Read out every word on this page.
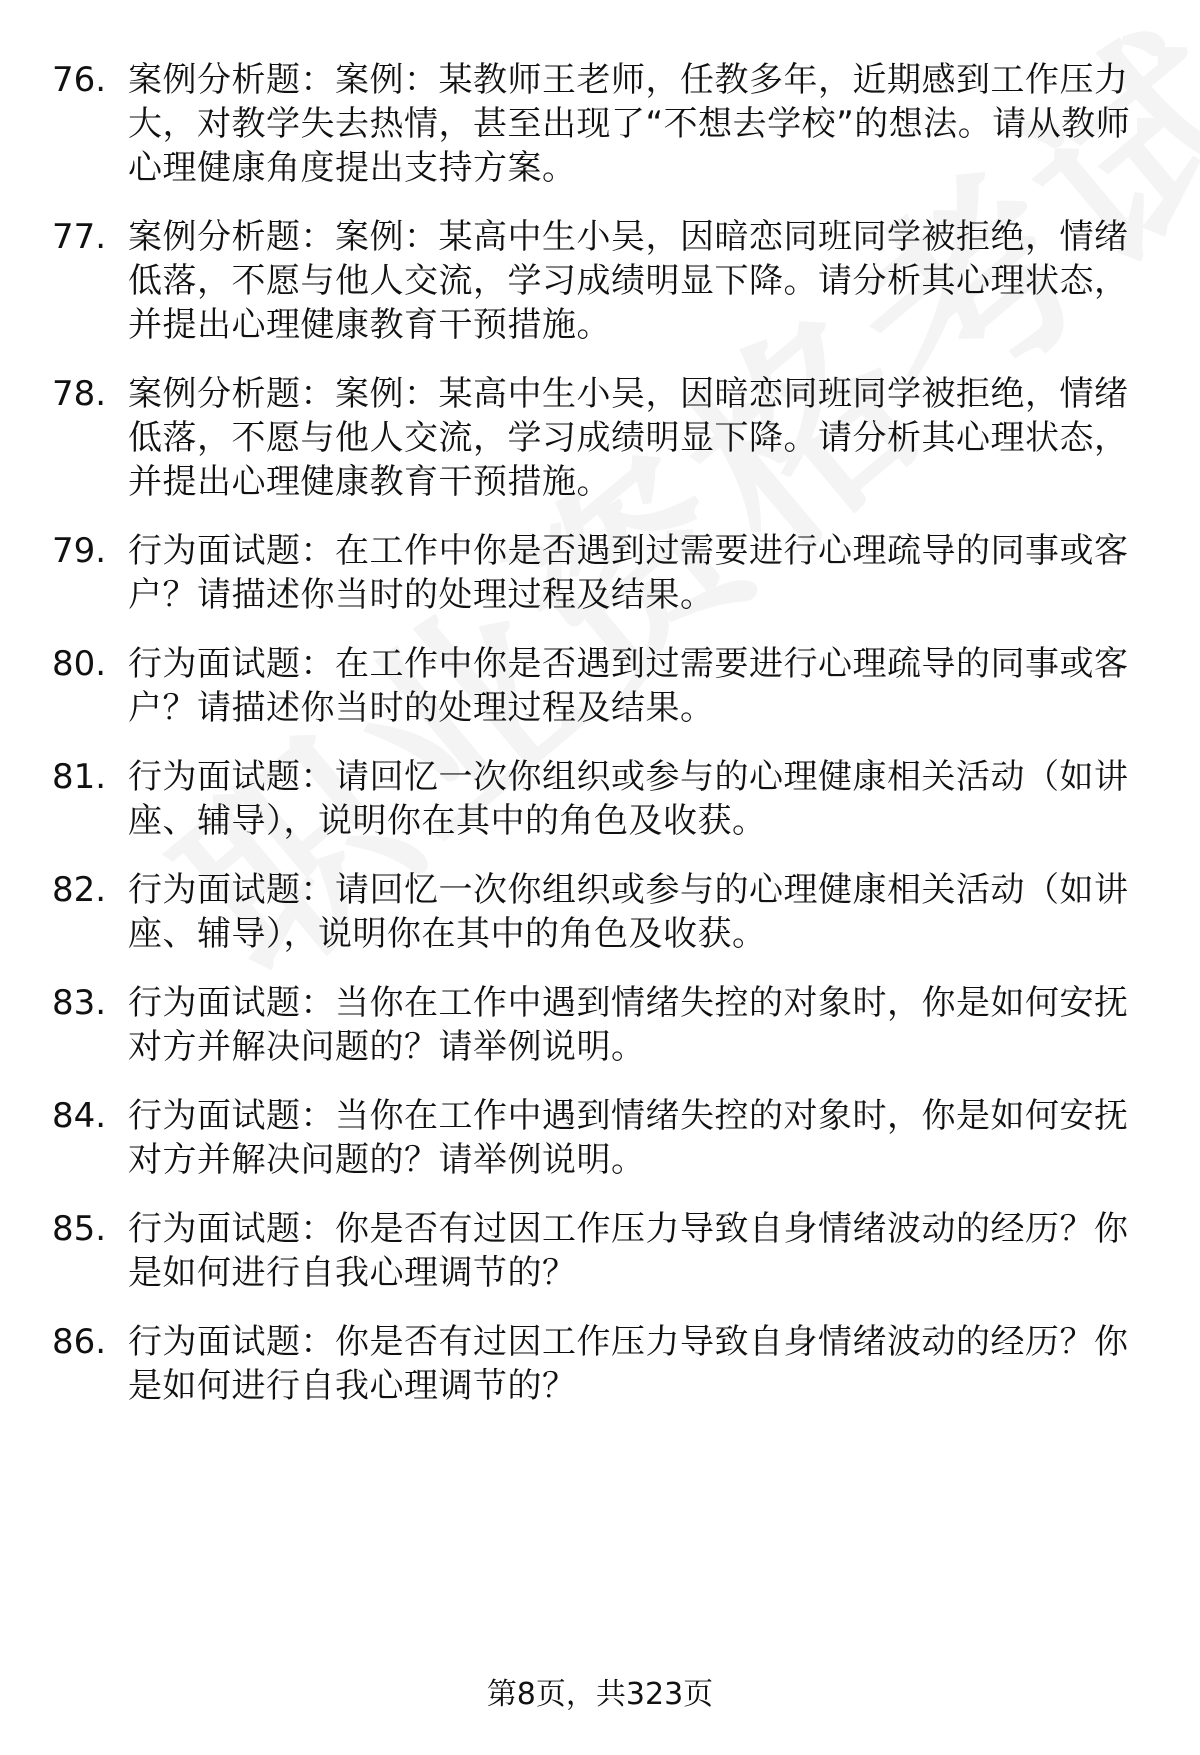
76. 案例分析题：案例：某教师王老师，任教多年，近期感到工作压力大，对教学失去热情，甚至出现了“不想去学校”的想法。请从教师心理健康角度提出支持方案。
77. 案例分析题：案例：某高中生小吴，因暗恋同班同学被拒绝，情绪低落，不愿与他人交流，学习成绩明显下降。请分析其心理状态，并提出心理健康教育干预措施。
78. 案例分析题：案例：某高中生小吴，因暗恋同班同学被拒绝，情绪低落，不愿与他人交流，学习成绩明显下降。请分析其心理状态，并提出心理健康教育干预措施。
79. 行为面试题：在工作中你是否遇到过需要进行心理疏导的同事或客户？请描述你当时的处理过程及结果。
80. 行为面试题：在工作中你是否遇到过需要进行心理疏导的同事或客户？请描述你当时的处理过程及结果。
81. 行为面试题：请回忆一次你组织或参与的心理健康相关活动（如讲座、辅导），说明你在其中的角色及收获。
82. 行为面试题：请回忆一次你组织或参与的心理健康相关活动（如讲座、辅导），说明你在其中的角色及收获。
83. 行为面试题：当你在工作中遇到情绪失控的对象时，你是如何安抚对方并解决问题的？请举例说明。
84. 行为面试题：当你在工作中遇到情绪失控的对象时，你是如何安抚对方并解决问题的？请举例说明。
85. 行为面试题：你是否有过因工作压力导致自身情绪波动的经历？你是如何进行自我心理调节的？
86. 行为面试题：你是否有过因工作压力导致自身情绪波动的经历？你是如何进行自我心理调节的？
第8页，共323页
